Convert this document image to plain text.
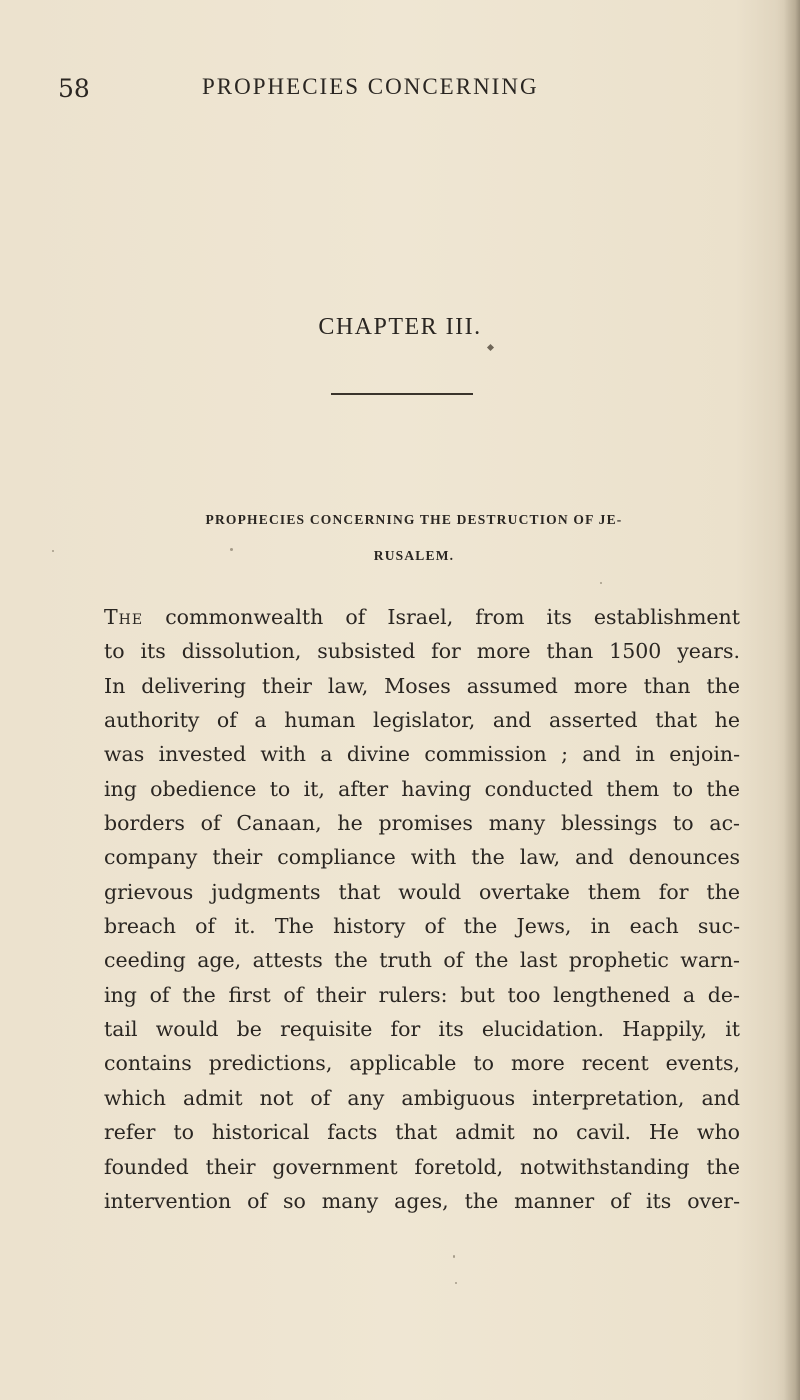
58	PROPHECIES CONCERNING
CHAPTER III.
PROPHECIES CONCERNING THE DESTRUCTION OF JE-
RUSALEM.
The commonwealth of Israel, from its establishment
to its dissolution, subsisted for more than 1500 years.
In delivering their law, Moses assumed more than the
authority of a human legislator, and asserted that he
was invested with a divine commission ; and in enjoin-
ing obedience to it, after having conducted them to the
borders of Canaan, he promises many blessings to ac-
company their compliance with the law, and denounces
grievous judgments that would overtake them for the
breach of it. The history of the Jews, in each suc-
ceeding age, attests the truth of the last prophetic warn-
ing of the first of their rulers: but too lengthened a de-
tail would be requisite for its elucidation. Happily, it
contains predictions, applicable to more recent events,
which admit not of any ambiguous interpretation, and
refer to historical facts that admit no cavil. He who
founded their government foretold, notwithstanding the
intervention of so many ages, the manner of its over-
